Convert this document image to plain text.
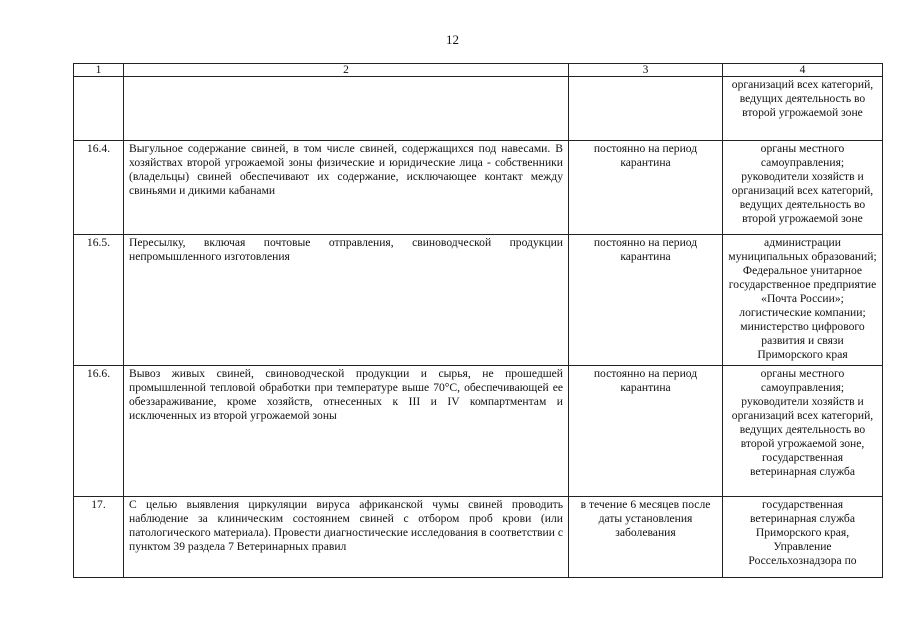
12
1	2	3	4
			организаций всех категорий, ведущих деятельность во второй угрожаемой зоне
16.4.	Выгульное содержание свиней, в том числе свиней, содержащихся под навесами. В хозяйствах второй угрожаемой зоны физические и юридические лица - собственники (владельцы) свиней обеспечивают их содержание, исключающее контакт между свиньями и дикими кабанами	постоянно на период карантина	органы местного самоуправления; руководители хозяйств и организаций всех категорий, ведущих деятельность во второй угрожаемой зоне
16.5.	Пересылку, включая почтовые отправления, свиноводческой продукции непромышленного изготовления	постоянно на период карантина	администрации муниципальных образований; Федеральное унитарное государственное предприятие «Почта России»; логистические компании; министерство цифрового развития и связи Приморского края
16.6.	Вывоз живых свиней, свиноводческой продукции и сырья, не прошедшей промышленной тепловой обработки при температуре выше 70°С, обеспечивающей ее обеззараживание, кроме хозяйств, отнесенных к III и IV компартментам и исключенных из второй угрожаемой зоны	постоянно на период карантина	органы местного самоуправления; руководители хозяйств и организаций всех категорий, ведущих деятельность во второй угрожаемой зоне, государственная ветеринарная служба
17.	С целью выявления циркуляции вируса африканской чумы свиней проводить наблюдение за клиническим состоянием свиней с отбором проб крови (или патологического материала). Провести диагностические исследования в соответствии с пунктом 39 раздела 7 Ветеринарных правил	в течение 6 месяцев после даты установления заболевания	государственная ветеринарная служба Приморского края, Управление Россельхознадзора по
